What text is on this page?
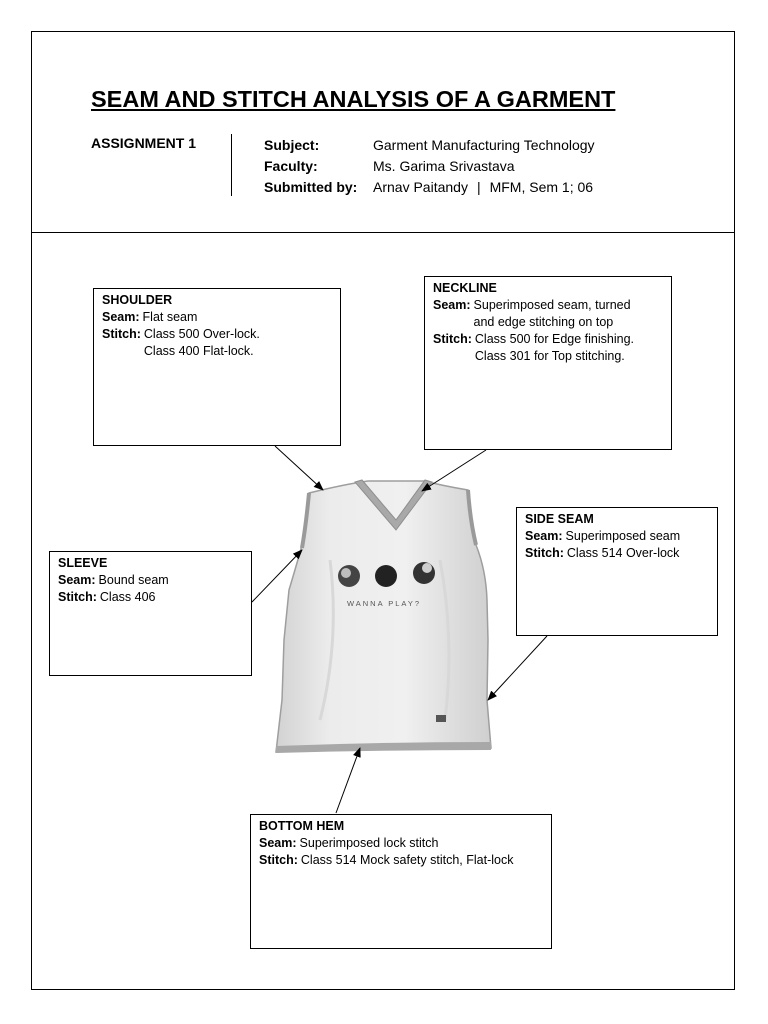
SEAM AND STITCH ANALYSIS OF A GARMENT
ASSIGNMENT 1	Subject:	Garment Manufacturing Technology
Faculty:	Ms. Garima Srivastava
Submitted by:	Arnav Paitandy | MFM, Sem 1; 06
WANNA PLAY?
SHOULDER
Seam: Flat seam
Stitch: Class 500 Over-lock.
Class 400 Flat-lock.
NECKLINE
Seam: Superimposed seam, turned
and edge stitching on top
Stitch: Class 500 for Edge finishing.
Class 301 for Top stitching.
SIDE SEAM
Seam: Superimposed seam
Stitch: Class 514 Over-lock
SLEEVE
Seam: Bound seam
Stitch: Class 406
BOTTOM HEM
Seam: Superimposed lock stitch
Stitch: Class 514 Mock safety stitch, Flat-lock
